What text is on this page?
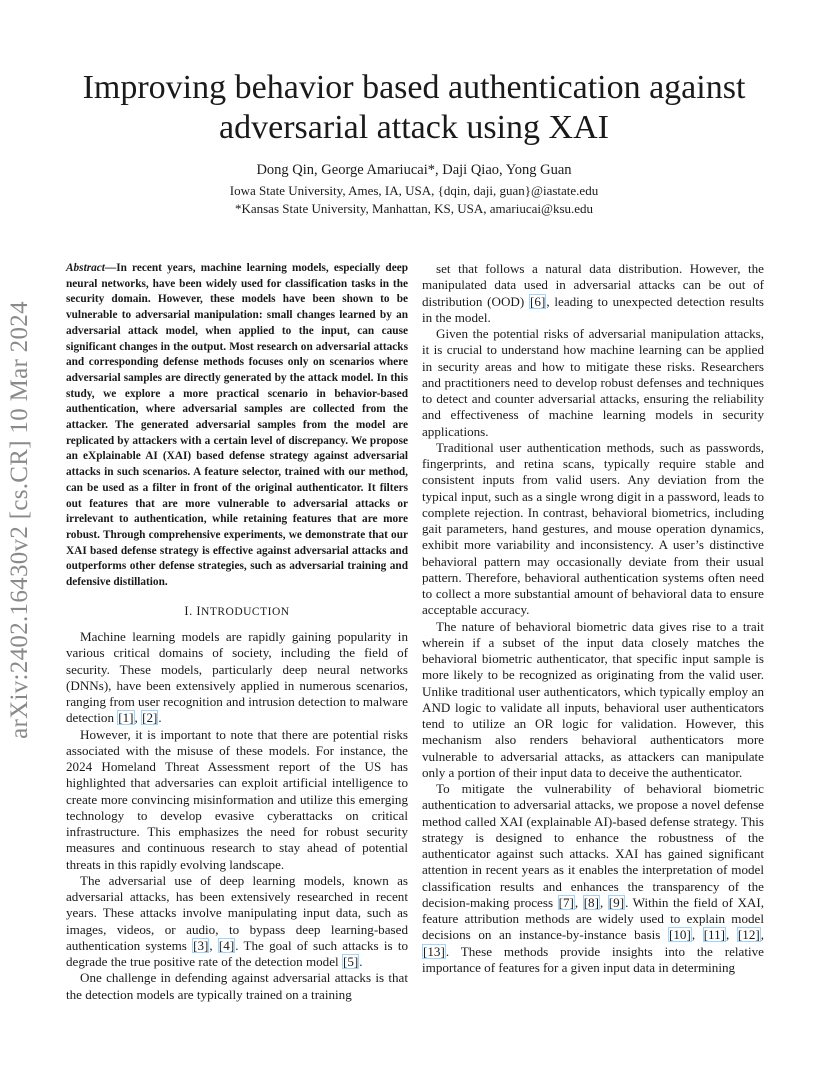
arXiv:2402.16430v2 [cs.CR] 10 Mar 2024
Improving behavior based authentication against adversarial attack using XAI
Dong Qin, George Amariucai*, Daji Qiao, Yong Guan
Iowa State University, Ames, IA, USA, {dqin, daji, guan}@iastate.edu
*Kansas State University, Manhattan, KS, USA, amariucai@ksu.edu
Abstract—In recent years, machine learning models, especially deep neural networks, have been widely used for classification tasks in the security domain. However, these models have been shown to be vulnerable to adversarial manipulation: small changes learned by an adversarial attack model, when applied to the input, can cause significant changes in the output. Most research on adversarial attacks and corresponding defense methods focuses only on scenarios where adversarial samples are directly generated by the attack model. In this study, we explore a more practical scenario in behavior-based authentication, where adversarial samples are collected from the attacker. The generated adversarial samples from the model are replicated by attackers with a certain level of discrepancy. We propose an eXplainable AI (XAI) based defense strategy against adversarial attacks in such scenarios. A feature selector, trained with our method, can be used as a filter in front of the original authenticator. It filters out features that are more vulnerable to adversarial attacks or irrelevant to authentication, while retaining features that are more robust. Through comprehensive experiments, we demonstrate that our XAI based defense strategy is effective against adversarial attacks and outperforms other defense strategies, such as adversarial training and defensive distillation.
I. INTRODUCTION

Machine learning models are rapidly gaining popularity in various critical domains of society, including the field of security. These models, particularly deep neural networks (DNNs), have been extensively applied in numerous scenarios, ranging from user recognition and intrusion detection to malware detection [1], [2].

However, it is important to note that there are potential risks associated with the misuse of these models. For instance, the 2024 Homeland Threat Assessment report of the US has highlighted that adversaries can exploit artificial intelligence to create more convincing misinformation and utilize this emerging technology to develop evasive cyberattacks on critical infrastructure. This emphasizes the need for robust security measures and continuous research to stay ahead of potential threats in this rapidly evolving landscape.

The adversarial use of deep learning models, known as adversarial attacks, has been extensively researched in recent years. These attacks involve manipulating input data, such as images, videos, or audio, to bypass deep learning-based authentication systems [3], [4]. The goal of such attacks is to degrade the true positive rate of the detection model [5].

One challenge in defending against adversarial attacks is that the detection models are typically trained on a training

set that follows a natural data distribution. However, the manipulated data used in adversarial attacks can be out of distribution (OOD) [6], leading to unexpected detection results in the model.

Given the potential risks of adversarial manipulation attacks, it is crucial to understand how machine learning can be applied in security areas and how to mitigate these risks. Researchers and practitioners need to develop robust defenses and techniques to detect and counter adversarial attacks, ensuring the reliability and effectiveness of machine learning models in security applications.

Traditional user authentication methods, such as passwords, fingerprints, and retina scans, typically require stable and consistent inputs from valid users. Any deviation from the typical input, such as a single wrong digit in a password, leads to complete rejection. In contrast, behavioral biometrics, including gait parameters, hand gestures, and mouse operation dynamics, exhibit more variability and inconsistency. A user’s distinctive behavioral pattern may occasionally deviate from their usual pattern. Therefore, behavioral authentication systems often need to collect a more substantial amount of behavioral data to ensure acceptable accuracy.

The nature of behavioral biometric data gives rise to a trait wherein if a subset of the input data closely matches the behavioral biometric authenticator, that specific input sample is more likely to be recognized as originating from the valid user. Unlike traditional user authenticators, which typically employ an AND logic to validate all inputs, behavioral user authenticators tend to utilize an OR logic for validation. However, this mechanism also renders behavioral authenticators more vulnerable to adversarial attacks, as attackers can manipulate only a portion of their input data to deceive the authenticator.

To mitigate the vulnerability of behavioral biometric authentication to adversarial attacks, we propose a novel defense method called XAI (explainable AI)-based defense strategy. This strategy is designed to enhance the robustness of the authenticator against such attacks. XAI has gained significant attention in recent years as it enables the interpretation of model classification results and enhances the transparency of the decision-making process [7], [8], [9]. Within the field of XAI, feature attribution methods are widely used to explain model decisions on an instance-by-instance basis [10], [11], [12], [13]. These methods provide insights into the relative importance of features for a given input data in determining
